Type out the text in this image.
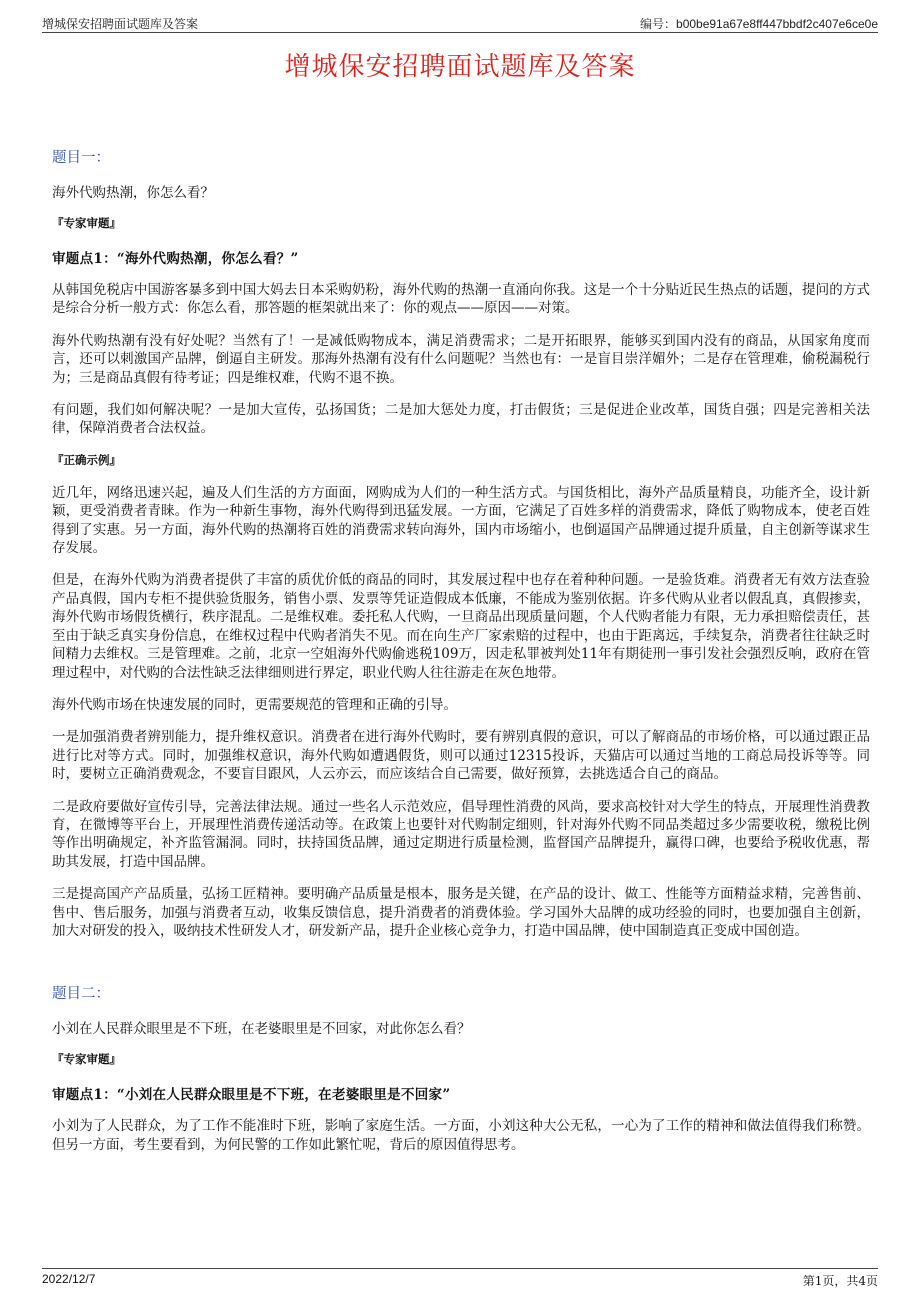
增城保安招聘面试题库及答案	编号：b00be91a67e8ff447bbdf2c407e6ce0e
增城保安招聘面试题库及答案
题目一：

海外代购热潮，你怎么看？

『专家审题』

审题点1：“海外代购热潮，你怎么看？”

从韩国免税店中国游客暴多到中国大妈去日本采购奶粉，海外代购的热潮一直涌向你我。这是一个十分贴近民生热点的话题，提问的方式是综合分析一般方式：你怎么看，那答题的框架就出来了：你的观点——原因——对策。

海外代购热潮有没有好处呢？当然有了！一是减低购物成本，满足消费需求；二是开拓眼界，能够买到国内没有的商品，从国家角度而言，还可以刺激国产品牌，倒逼自主研发。那海外热潮有没有什么问题呢？当然也有：一是盲目崇洋媚外；二是存在管理难，偷税漏税行为；三是商品真假有待考证；四是维权难，代购不退不换。

有问题，我们如何解决呢？一是加大宣传，弘扬国货；二是加大惩处力度，打击假货；三是促进企业改革，国货自强；四是完善相关法律，保障消费者合法权益。

『正确示例』

近几年，网络迅速兴起，遍及人们生活的方方面面，网购成为人们的一种生活方式。与国货相比，海外产品质量精良，功能齐全，设计新颖，更受消费者青睐。作为一种新生事物，海外代购得到迅猛发展。一方面，它满足了百姓多样的消费需求，降低了购物成本，使老百姓得到了实惠。另一方面，海外代购的热潮将百姓的消费需求转向海外，国内市场缩小，也倒逼国产品牌通过提升质量，自主创新等谋求生存发展。

但是，在海外代购为消费者提供了丰富的质优价低的商品的同时，其发展过程中也存在着种种问题。一是验货难。消费者无有效方法查验产品真假，国内专柜不提供验货服务，销售小票、发票等凭证造假成本低廉，不能成为鉴别依据。许多代购从业者以假乱真，真假掺卖，海外代购市场假货横行，秩序混乱。二是维权难。委托私人代购，一旦商品出现质量问题，个人代购者能力有限，无力承担赔偿责任，甚至由于缺乏真实身份信息，在维权过程中代购者消失不见。而在向生产厂家索赔的过程中，也由于距离远，手续复杂，消费者往往缺乏时间精力去维权。三是管理难。之前，北京一空姐海外代购偷逃税109万，因走私罪被判处11年有期徒刑一事引发社会强烈反响，政府在管理过程中，对代购的合法性缺乏法律细则进行界定，职业代购人往往游走在灰色地带。

海外代购市场在快速发展的同时，更需要规范的管理和正确的引导。

一是加强消费者辨别能力，提升维权意识。消费者在进行海外代购时，要有辨别真假的意识，可以了解商品的市场价格，可以通过跟正品进行比对等方式。同时，加强维权意识，海外代购如遭遇假货，则可以通过12315投诉，天猫店可以通过当地的工商总局投诉等等。同时，要树立正确消费观念，不要盲目跟风，人云亦云，而应该结合自己需要，做好预算，去挑选适合自己的商品。

二是政府要做好宣传引导，完善法律法规。通过一些名人示范效应，倡导理性消费的风尚，要求高校针对大学生的特点，开展理性消费教育，在微博等平台上，开展理性消费传递活动等。在政策上也要针对代购制定细则，针对海外代购不同品类超过多少需要收税，缴税比例等作出明确规定，补齐监管漏洞。同时，扶持国货品牌，通过定期进行质量检测，监督国产品牌提升，赢得口碑，也要给予税收优惠，帮助其发展，打造中国品牌。

三是提高国产产品质量，弘扬工匠精神。要明确产品质量是根本，服务是关键，在产品的设计、做工、性能等方面精益求精，完善售前、售中、售后服务，加强与消费者互动，收集反馈信息，提升消费者的消费体验。学习国外大品牌的成功经验的同时，也要加强自主创新，加大对研发的投入，吸纳技术性研发人才，研发新产品，提升企业核心竞争力，打造中国品牌，使中国制造真正变成中国创造。

题目二：

小刘在人民群众眼里是不下班，在老婆眼里是不回家，对此你怎么看？

『专家审题』

审题点1：“小刘在人民群众眼里是不下班，在老婆眼里是不回家”

小刘为了人民群众，为了工作不能准时下班，影响了家庭生活。一方面，小刘这种大公无私，一心为了工作的精神和做法值得我们称赞。但另一方面，考生要看到，为何民警的工作如此繁忙呢，背后的原因值得思考。

2022/12/7	第1页，共4页
